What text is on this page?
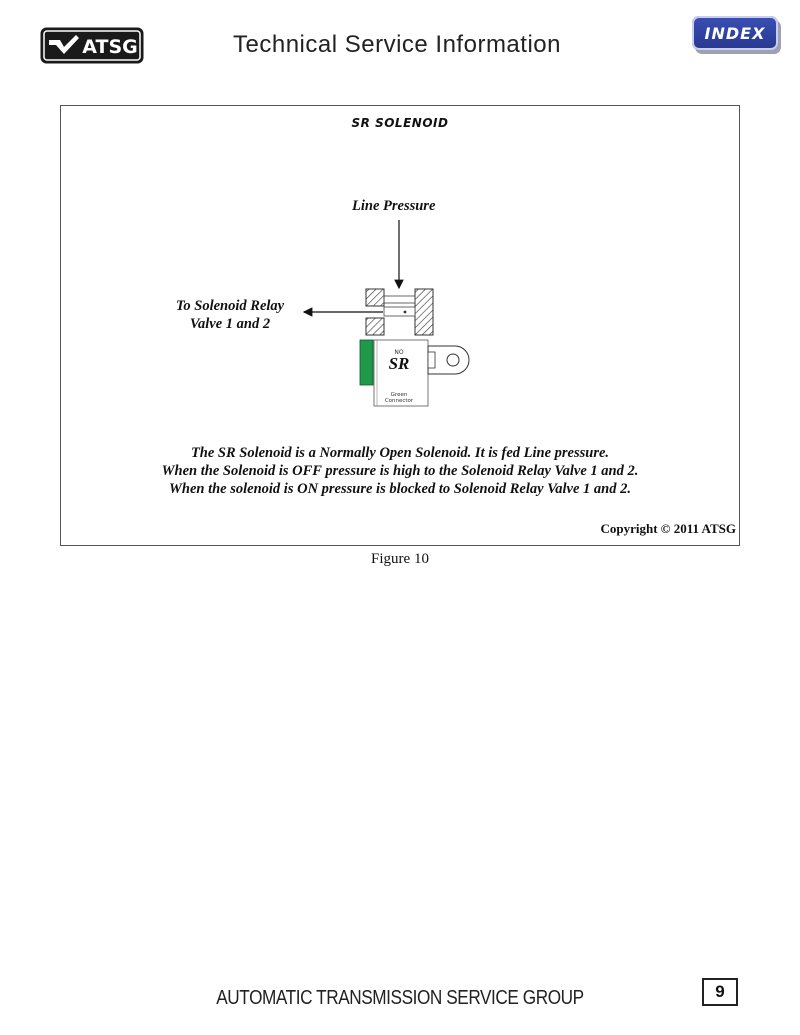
ATSG	Technical Service Information	INDEX
SR SOLENOID
Line Pressure
To Solenoid Relay
Valve 1 and 2
NO
SR
Green
Connector
The SR Solenoid is a Normally Open Solenoid. It is fed Line pressure.
When the Solenoid is OFF pressure is high to the Solenoid Relay Valve 1 and 2.
When the solenoid is ON pressure is blocked to Solenoid Relay Valve 1 and 2.
Copyright © 2011 ATSG
Figure 10
AUTOMATIC TRANSMISSION SERVICE GROUP	9
